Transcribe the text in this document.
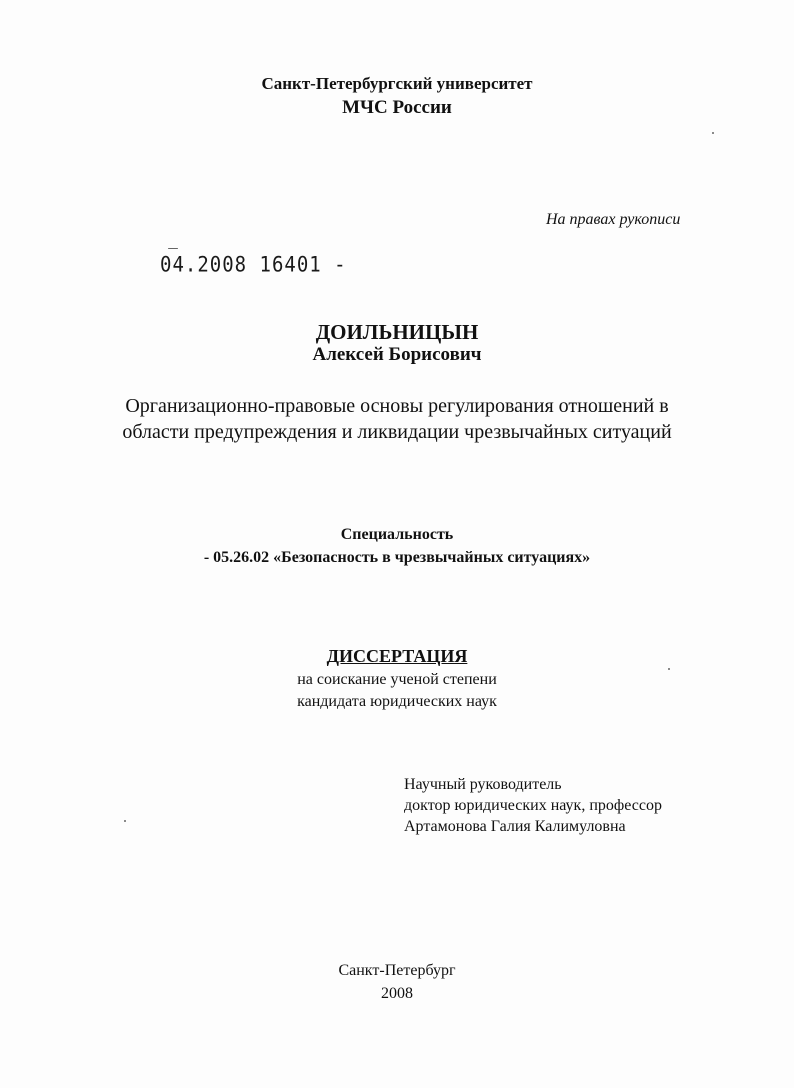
Санкт-Петербургский университет
МЧС России
На правах рукописи
04.2008 16401 -
ДОИЛЬНИЦЫН
Алексей Борисович
Организационно-правовые основы регулирования отношений в
области предупреждения и ликвидации чрезвычайных ситуаций
Специальность
- 05.26.02 «Безопасность в чрезвычайных ситуациях»
ДИССЕРТАЦИЯ
на соискание ученой степени
кандидата юридических наук
Научный руководитель
доктор юридических наук, профессор
Артамонова Галия Калимуловна
Санкт-Петербург
2008
